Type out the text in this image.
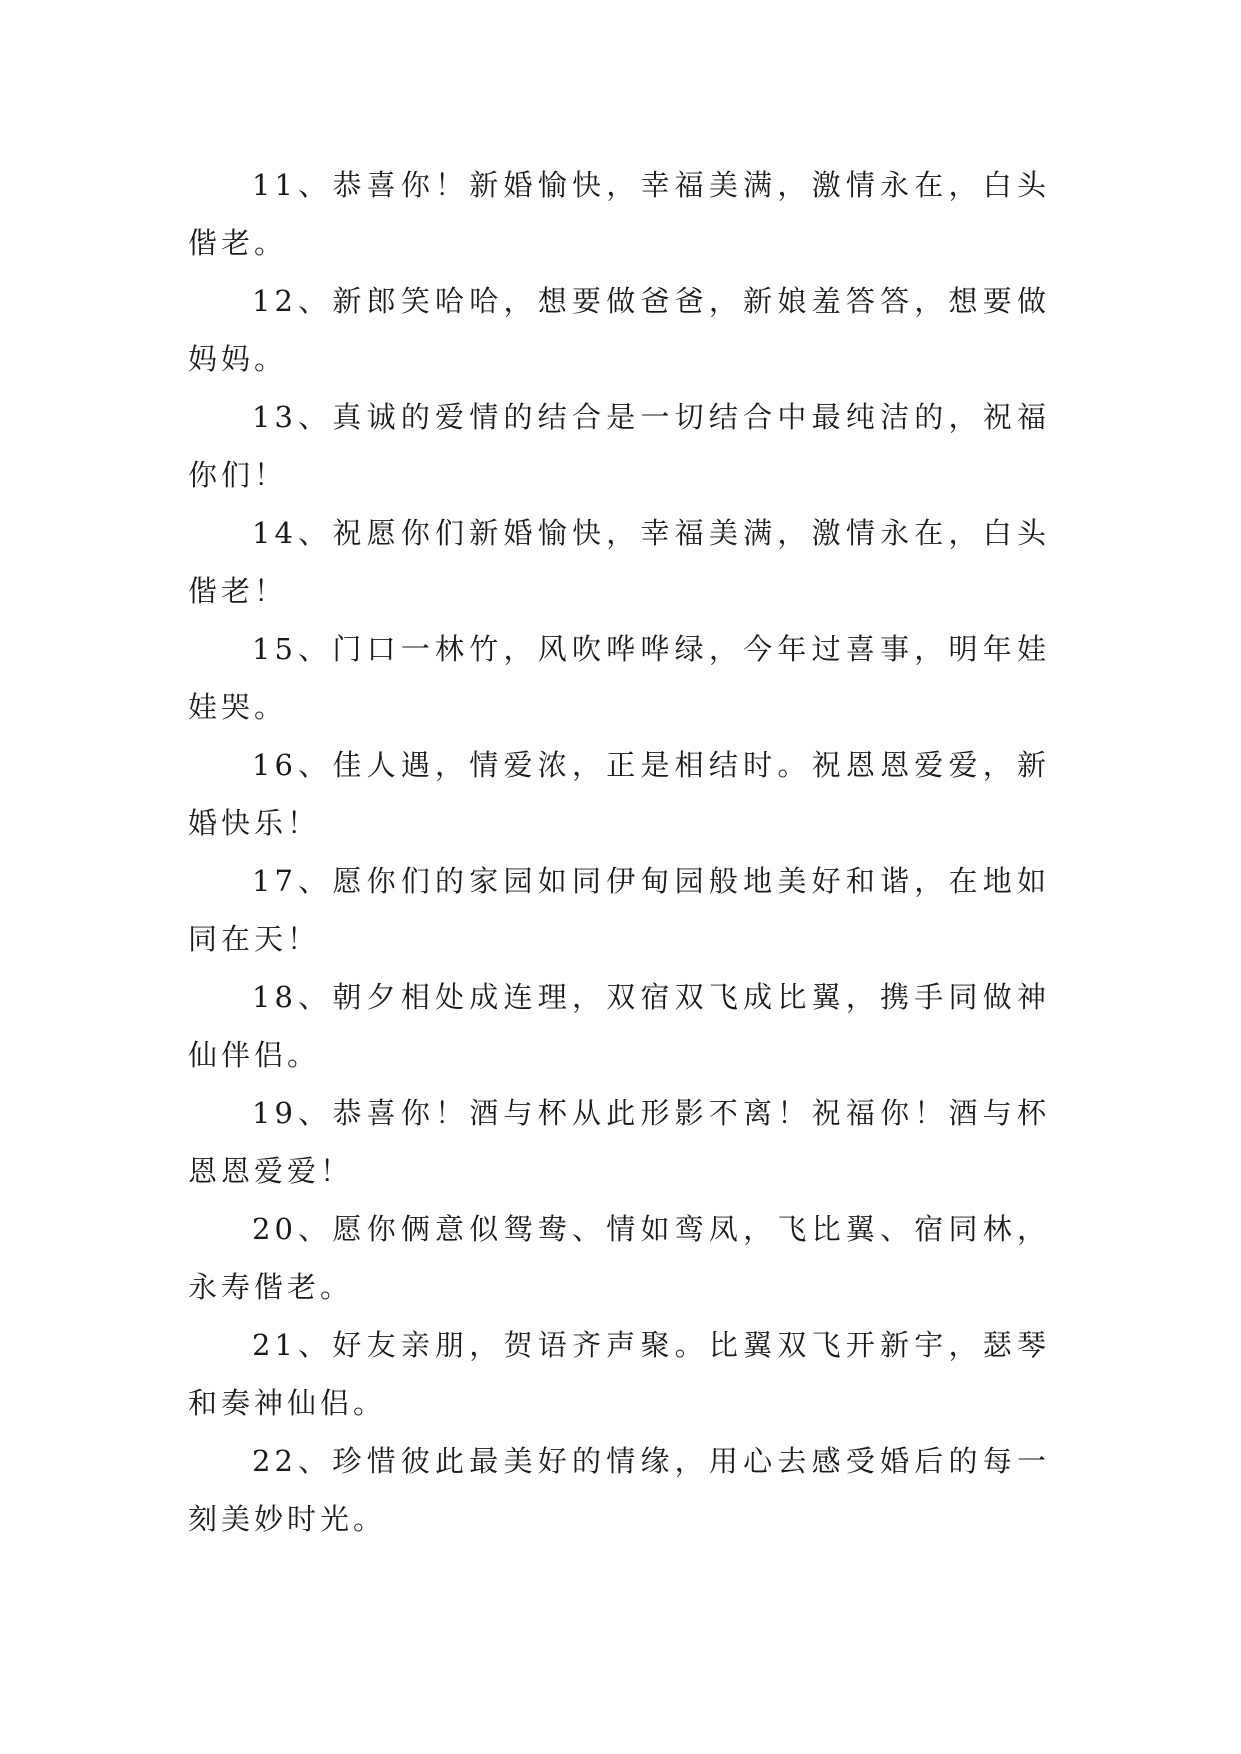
11、恭喜你！新婚愉快，幸福美满，激情永在，白头偕老。

12、新郎笑哈哈，想要做爸爸，新娘羞答答，想要做妈妈。

13、真诚的爱情的结合是一切结合中最纯洁的，祝福你们！

14、祝愿你们新婚愉快，幸福美满，激情永在，白头偕老！

15、门口一林竹，风吹哗哗绿，今年过喜事，明年娃娃哭。

16、佳人遇，情爱浓，正是相结时。祝恩恩爱爱，新婚快乐！

17、愿你们的家园如同伊甸园般地美好和谐，在地如同在天！

18、朝夕相处成连理，双宿双飞成比翼，携手同做神仙伴侣。

19、恭喜你！酒与杯从此形影不离！祝福你！酒与杯恩恩爱爱！

20、愿你俩意似鸳鸯、情如鸾凤，飞比翼、宿同林，永寿偕老。

21、好友亲朋，贺语齐声聚。比翼双飞开新宇，瑟琴和奏神仙侣。

22、珍惜彼此最美好的情缘，用心去感受婚后的每一刻美妙时光。
